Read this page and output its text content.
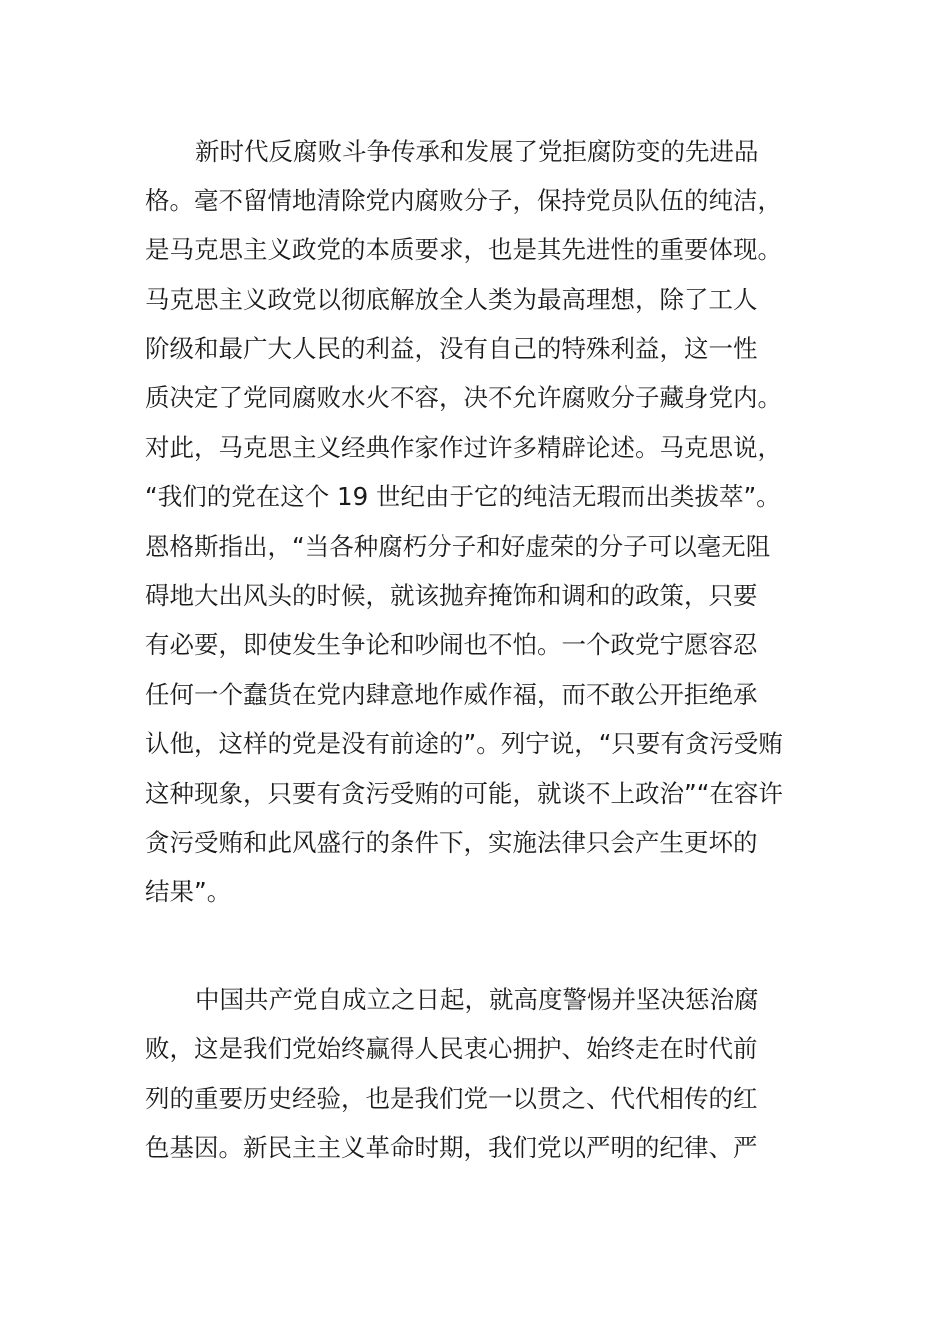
新时代反腐败斗争传承和发展了党拒腐防变的先进品
格。毫不留情地清除党内腐败分子，保持党员队伍的纯洁，
是马克思主义政党的本质要求，也是其先进性的重要体现。
马克思主义政党以彻底解放全人类为最高理想，除了工人
阶级和最广大人民的利益，没有自己的特殊利益，这一性
质决定了党同腐败水火不容，决不允许腐败分子藏身党内。
对此，马克思主义经典作家作过许多精辟论述。马克思说，
“我们的党在这个 19 世纪由于它的纯洁无瑕而出类拔萃”。
恩格斯指出，“当各种腐朽分子和好虚荣的分子可以毫无阻
碍地大出风头的时候，就该抛弃掩饰和调和的政策，只要
有必要，即使发生争论和吵闹也不怕。一个政党宁愿容忍
任何一个蠢货在党内肆意地作威作福，而不敢公开拒绝承
认他，这样的党是没有前途的”。列宁说，“只要有贪污受贿
这种现象，只要有贪污受贿的可能，就谈不上政治”“在容许
贪污受贿和此风盛行的条件下，实施法律只会产生更坏的
结果”。
中国共产党自成立之日起，就高度警惕并坚决惩治腐
败，这是我们党始终赢得人民衷心拥护、始终走在时代前
列的重要历史经验，也是我们党一以贯之、代代相传的红
色基因。新民主主义革命时期，我们党以严明的纪律、严
